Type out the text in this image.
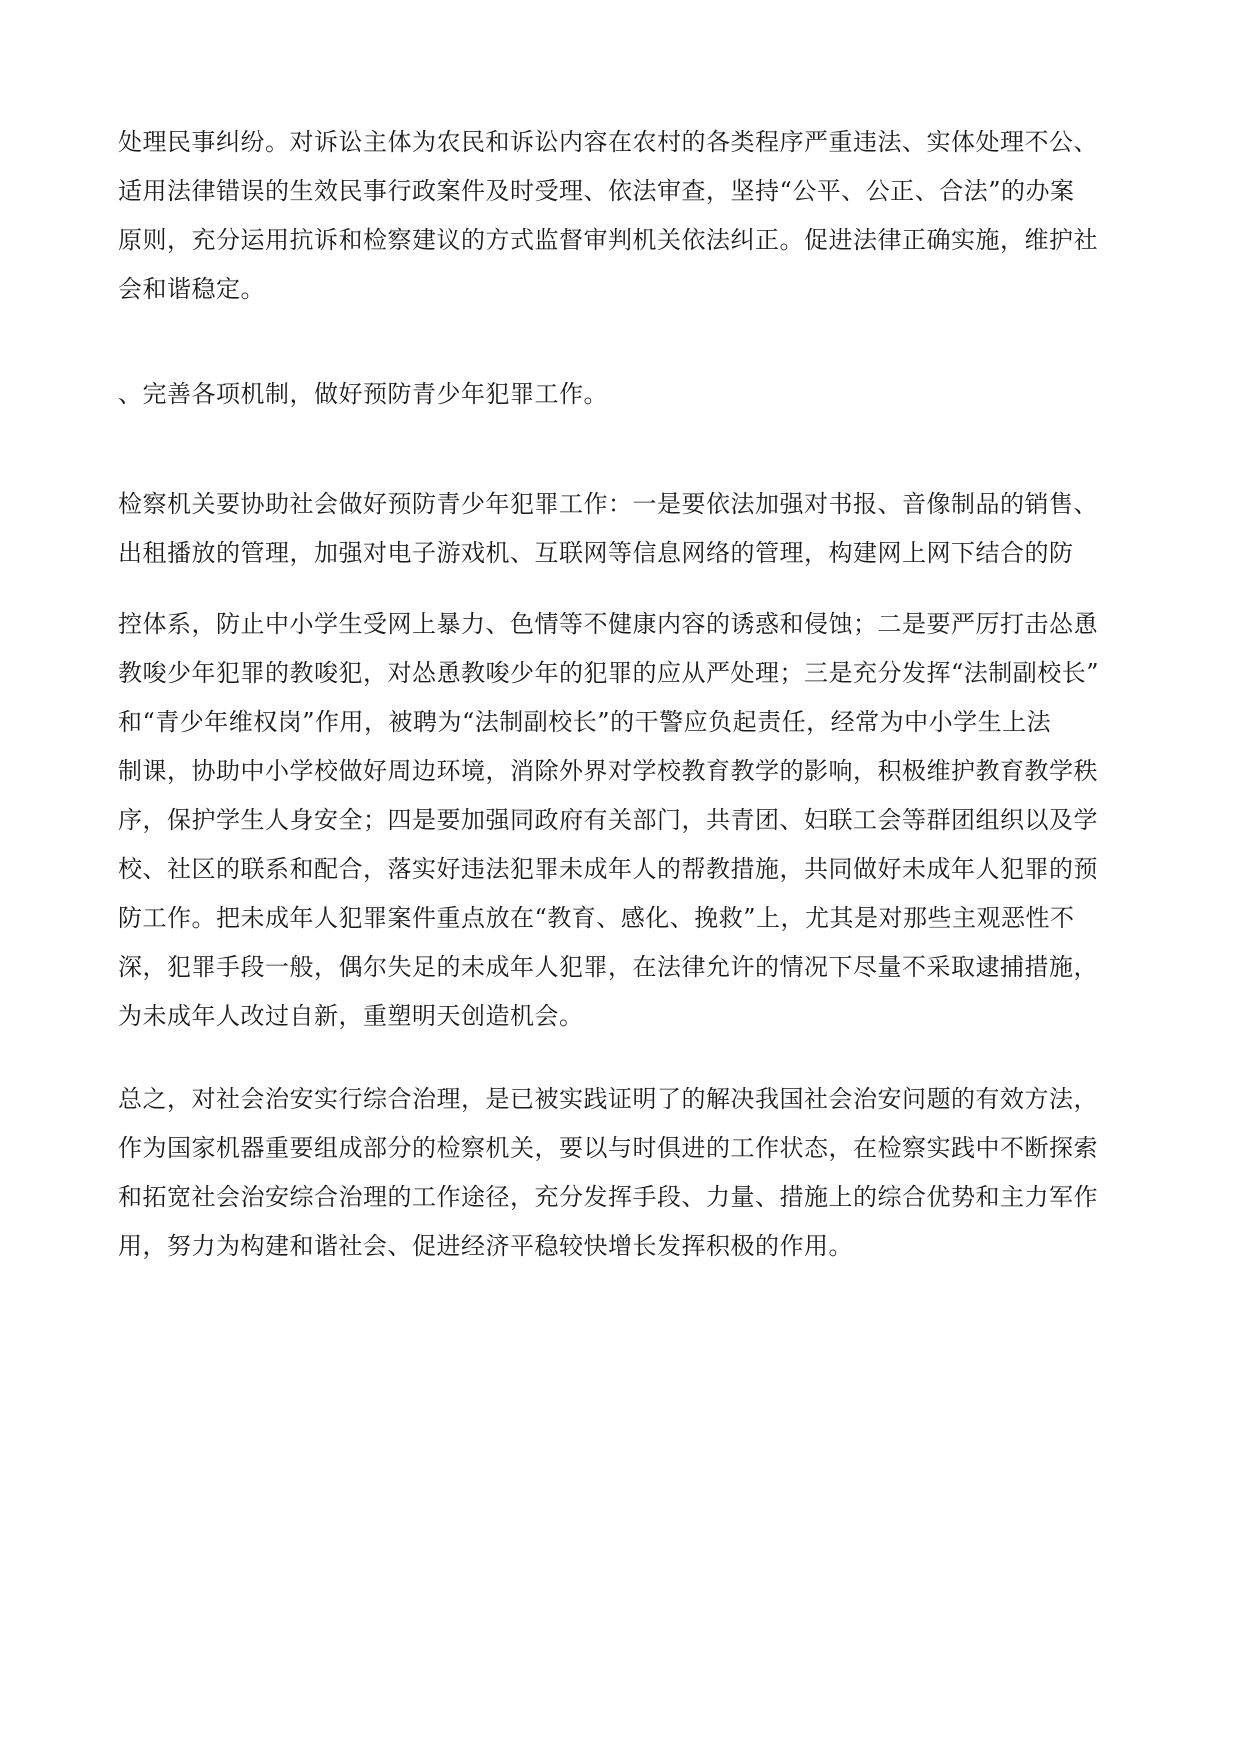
处理民事纠纷。对诉讼主体为农民和诉讼内容在农村的各类程序严重违法、实体处理不公、
适用法律错误的生效民事行政案件及时受理、依法审查，坚持“公平、公正、合法”的办案
原则，充分运用抗诉和检察建议的方式监督审判机关依法纠正。促进法律正确实施，维护社
会和谐稳定。
、完善各项机制，做好预防青少年犯罪工作。
检察机关要协助社会做好预防青少年犯罪工作：一是要依法加强对书报、音像制品的销售、
出租播放的管理，加强对电子游戏机、互联网等信息网络的管理，构建网上网下结合的防
控体系，防止中小学生受网上暴力、色情等不健康内容的诱惑和侵蚀；二是要严厉打击怂恿
教唆少年犯罪的教唆犯，对怂恿教唆少年的犯罪的应从严处理；三是充分发挥“法制副校长”
和“青少年维权岗”作用，被聘为“法制副校长”的干警应负起责任，经常为中小学生上法
制课，协助中小学校做好周边环境，消除外界对学校教育教学的影响，积极维护教育教学秩
序，保护学生人身安全；四是要加强同政府有关部门，共青团、妇联工会等群团组织以及学
校、社区的联系和配合，落实好违法犯罪未成年人的帮教措施，共同做好未成年人犯罪的预
防工作。把未成年人犯罪案件重点放在“教育、感化、挽救”上，尤其是对那些主观恶性不
深，犯罪手段一般，偶尔失足的未成年人犯罪，在法律允许的情况下尽量不采取逮捕措施，
为未成年人改过自新，重塑明天创造机会。
总之，对社会治安实行综合治理，是已被实践证明了的解决我国社会治安问题的有效方法，
作为国家机器重要组成部分的检察机关，要以与时俱进的工作状态，在检察实践中不断探索
和拓宽社会治安综合治理的工作途径，充分发挥手段、力量、措施上的综合优势和主力军作
用，努力为构建和谐社会、促进经济平稳较快增长发挥积极的作用。
